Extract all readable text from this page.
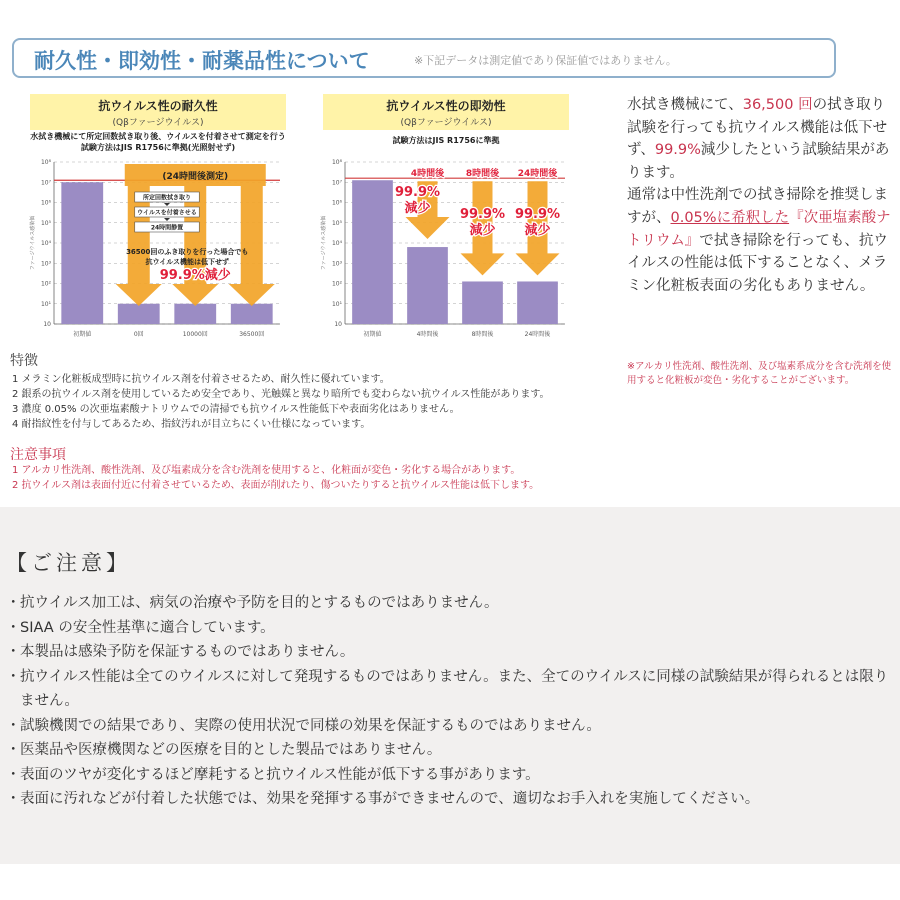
耐久性・即効性・耐薬品性について	※下記データは測定値であり保証値ではありません。
抗ウイルス性の耐久性
(Qβファージウイルス)
水拭き機械にて所定回数拭き取り後、ウイルスを付着させて測定を行う
試験方法はJIS R1756に準拠(光照射せず)
ファージウイルス感染価
10⁸
10⁷
10⁶
10⁵
10⁴
10³
10²
10¹
10
初期値	0回	10000回	36500回
(24時間後測定)
所定回数拭き取り
ウイルスを付着させる
24時間静置
36500回のふき取りを行った場合でも
抗ウイルス機能は低下せず
99.9%減少
抗ウイルス性の即効性
(Qβファージウイルス)
試験方法はJIS R1756に準拠
ファージウイルス感染価
10⁸
10⁷
10⁶
10⁵
10⁴
10³
10²
10¹
10
初期値	4時間後	8時間後	24時間後
4時間後 8時間後 24時間後
99.9%
減少 99.9%
減少
99.9%
減少
水拭き機械にて、36,500 回の拭き取り試験を行っても抗ウイルス機能は低下せず、99.9%減少したという試験結果があります。
通常は中性洗剤での拭き掃除を推奨しますが、0.05%に希釈した『次亜塩素酸ナトリウム』で拭き掃除を行っても、抗ウイルスの性能は低下することなく、メラミン化粧板表面の劣化もありません。
※アルカリ性洗剤、酸性洗剤、及び塩素系成分を含む洗剤を使用すると化粧板が変色・劣化することがございます。
特徴
1 メラミン化粧板成型時に抗ウイルス剤を付着させるため、耐久性に優れています。
2 銀系の抗ウイルス剤を使用しているため安全であり、光触媒と異なり暗所でも変わらない抗ウイルス性能があります。
3 濃度 0.05% の次亜塩素酸ナトリウムでの清掃でも抗ウイルス性能低下や表面劣化はありません。
4 耐指紋性を付与してあるため、指紋汚れが目立ちにくい仕様になっています。
注意事項
1 アルカリ性洗剤、酸性洗剤、及び塩素成分を含む洗剤を使用すると、化粧面が変色・劣化する場合があります。
2 抗ウイルス剤は表面付近に付着させているため、表面が削れたり、傷ついたりすると抗ウイルス性能は低下します。
【ご注意】
・ 抗ウイルス加工は、病気の治療や予防を目的とするものではありません。
・ SIAA の安全性基準に適合しています。
・ 本製品は感染予防を保証するものではありません。
・ 抗ウイルス性能は全てのウイルスに対して発現するものではありません。また、全てのウイルスに同様の試験結果が得られるとは限りません。
・ 試験機関での結果であり、実際の使用状況で同様の効果を保証するものではありません。
・ 医薬品や医療機関などの医療を目的とした製品ではありません。
・ 表面のツヤが変化するほど摩耗すると抗ウイルス性能が低下する事があります。
・ 表面に汚れなどが付着した状態では、効果を発揮する事ができませんので、適切なお手入れを実施してください。
